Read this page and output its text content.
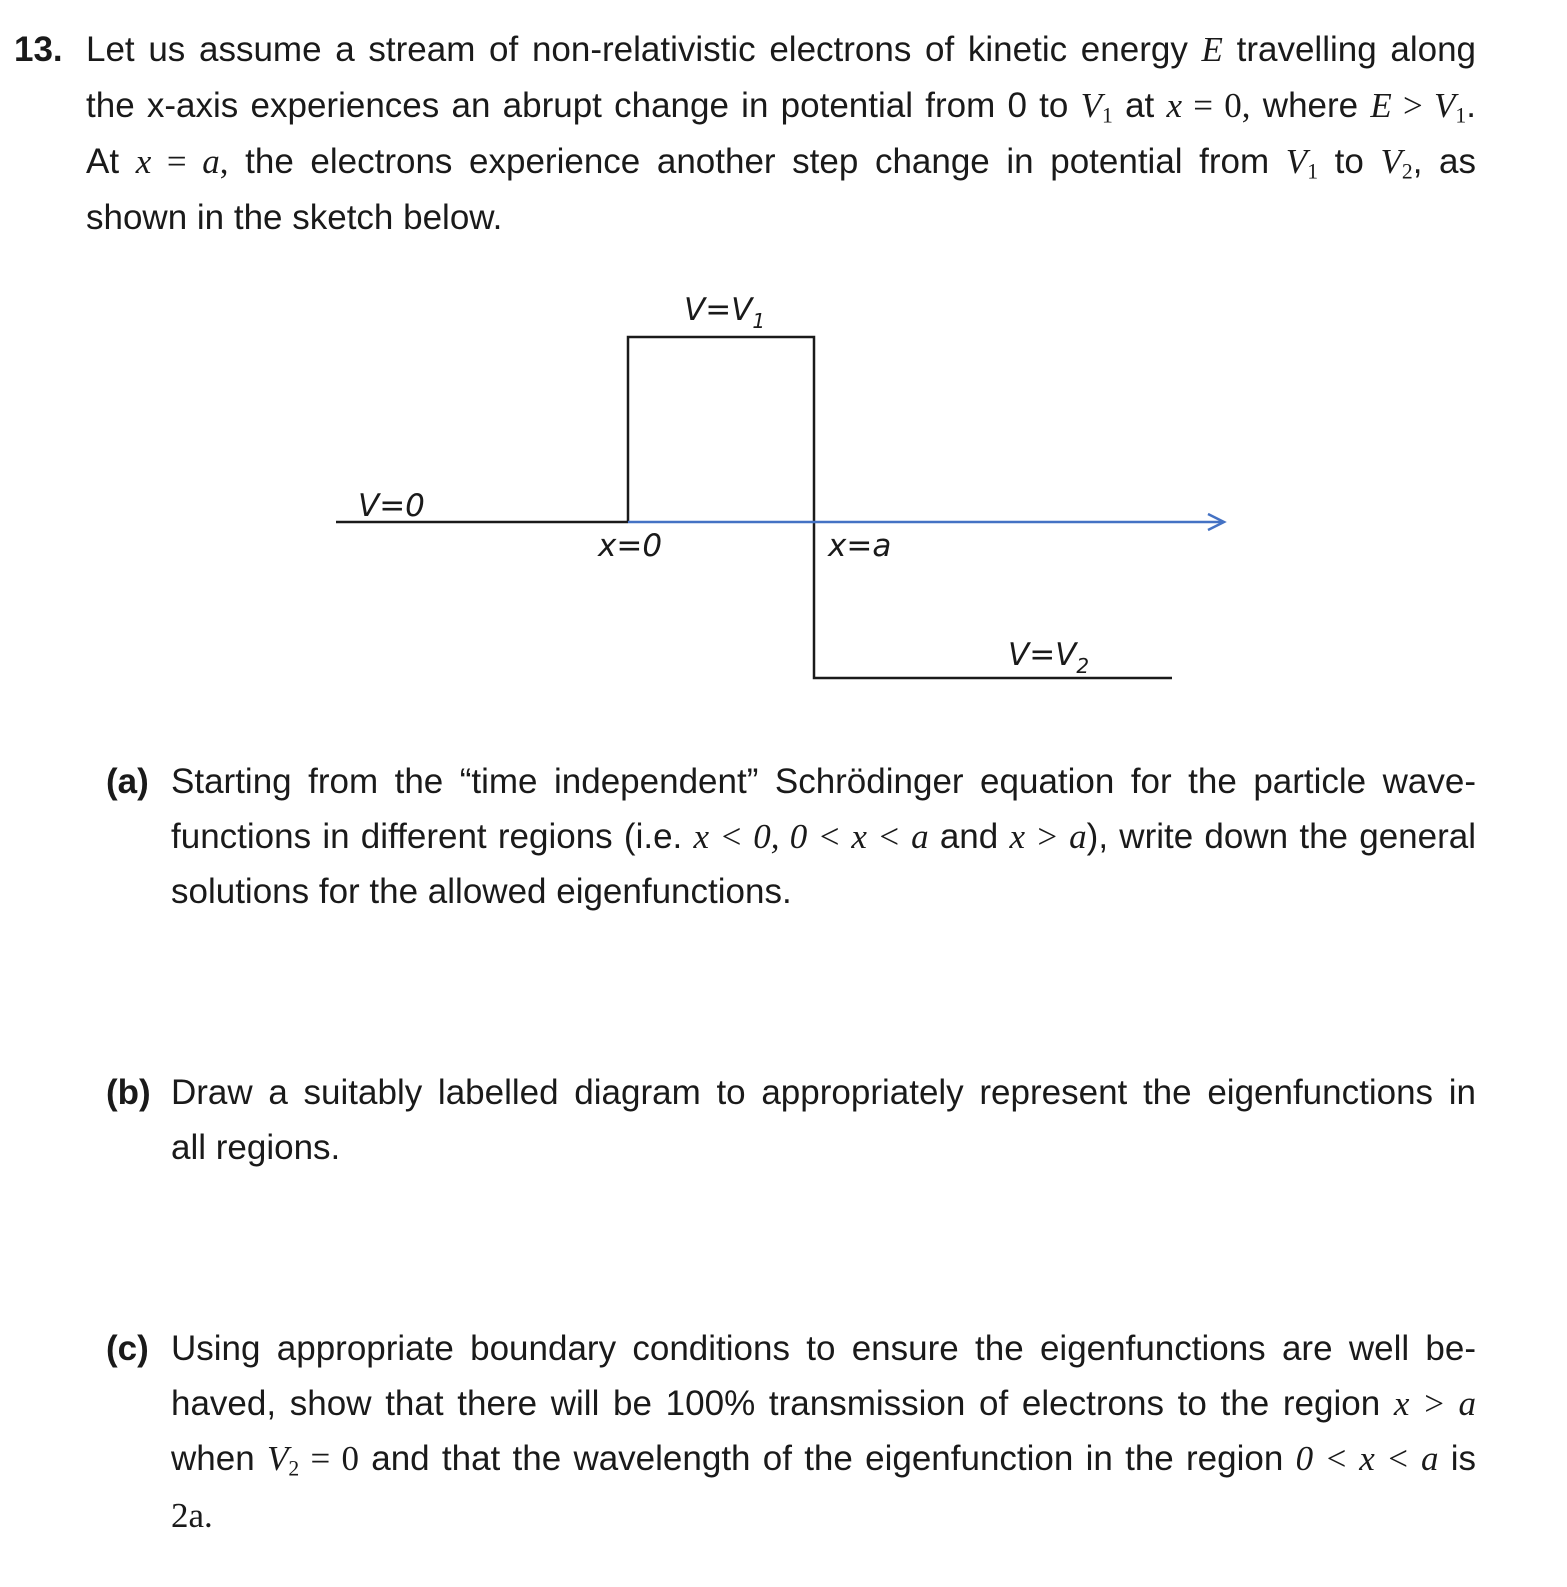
13. Let us assume a stream of non-relativistic electrons of kinetic energy E travelling along
the x-axis experiences an abrupt change in potential from 0 to $V_1$ at x = 0, where $E > V_1$.
At x = a, the electrons experience another step change in potential from $V_1$ to $V_2$, as
shown in the sketch below.
V=0
$V=V_1$
x=0	x=a
$V=V_2$
(a) Starting from the “time independent” Schrödinger equation for the particle wave-
functions in different regions (i.e. x < 0, 0 < x < a and x > a), write down the general
solutions for the allowed eigenfunctions.
(b) Draw a suitably labelled diagram to appropriately represent the eigenfunctions in
all regions.
(c) Using appropriate boundary conditions to ensure the eigenfunctions are well be-
haved, show that there will be 100% transmission of electrons to the region x > a
when $V_2 = 0$ and that the wavelength of the eigenfunction in the region 0 < x < a is
2a.
